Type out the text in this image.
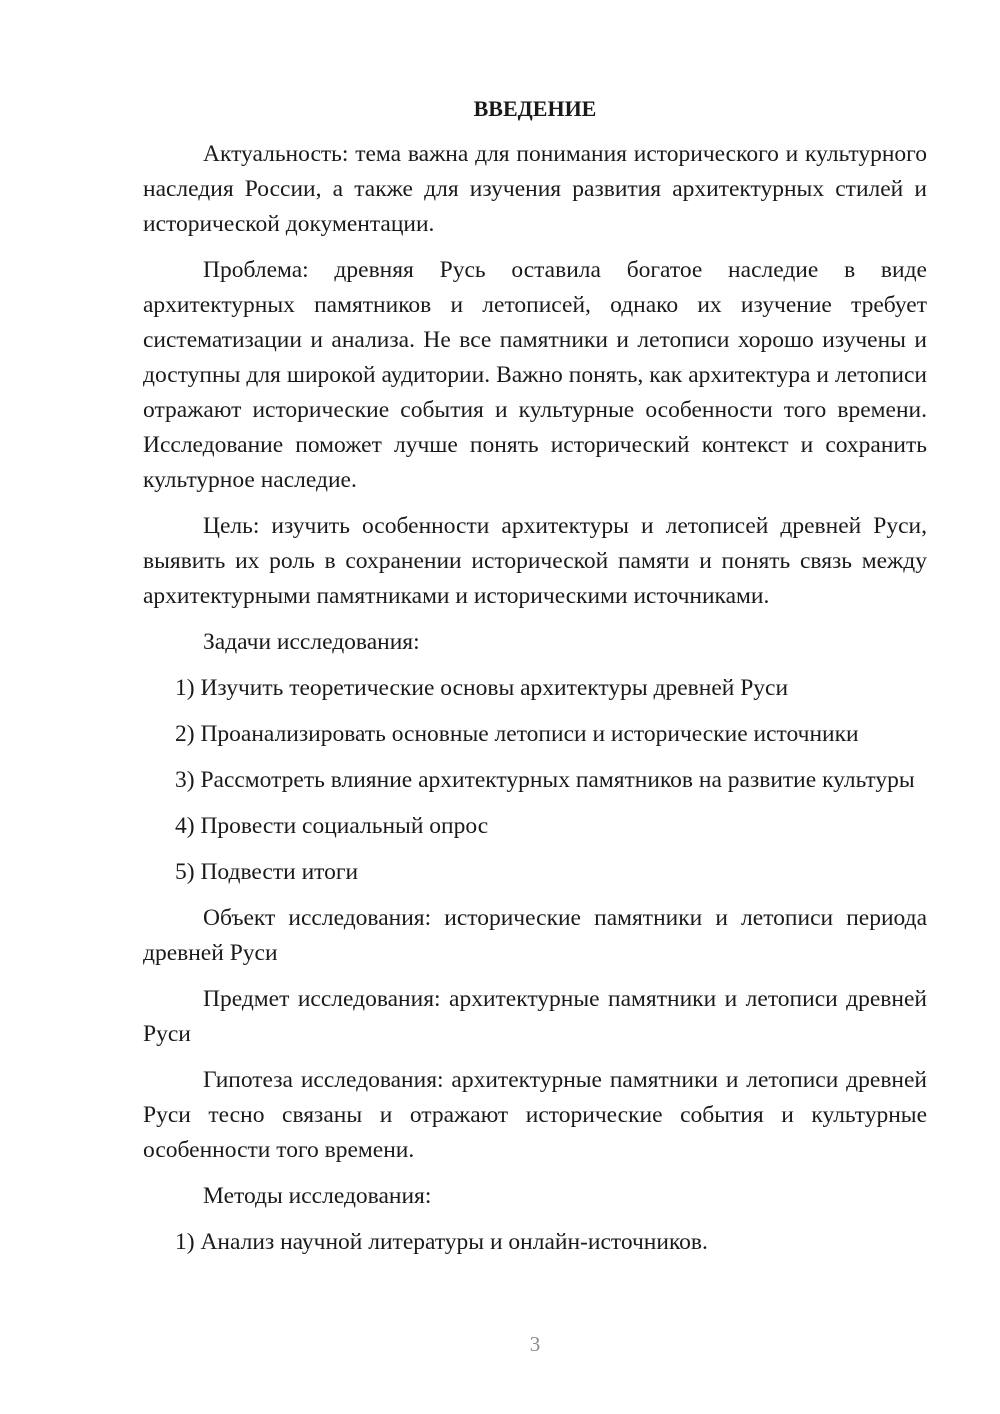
ВВЕДЕНИЕ

Актуальность: тема важна для понимания исторического и культурного наследия России, а также для изучения развития архитектурных стилей и исторической документации.

Проблема: древняя Русь оставила богатое наследие в виде архитектурных памятников и летописей, однако их изучение требует систематизации и анализа. Не все памятники и летописи хорошо изучены и доступны для широкой аудитории. Важно понять, как архитектура и летописи отражают исторические события и культурные особенности того времени. Исследование поможет лучше понять исторический контекст и сохранить культурное наследие.

Цель: изучить особенности архитектуры и летописей древней Руси, выявить их роль в сохранении исторической памяти и понять связь между архитектурными памятниками и историческими источниками.

Задачи исследования:

1) Изучить теоретические основы архитектуры древней Руси

2) Проанализировать основные летописи и исторические источники

3) Рассмотреть влияние архитектурных памятников на развитие культуры

4) Провести социальный опрос

5) Подвести итоги

Объект исследования: исторические памятники и летописи периода древней Руси

Предмет исследования: архитектурные памятники и летописи древней Руси

Гипотеза исследования: архитектурные памятники и летописи древней Руси тесно связаны и отражают исторические события и культурные особенности того времени.

Методы исследования:

1) Анализ научной литературы и онлайн-источников.

3
